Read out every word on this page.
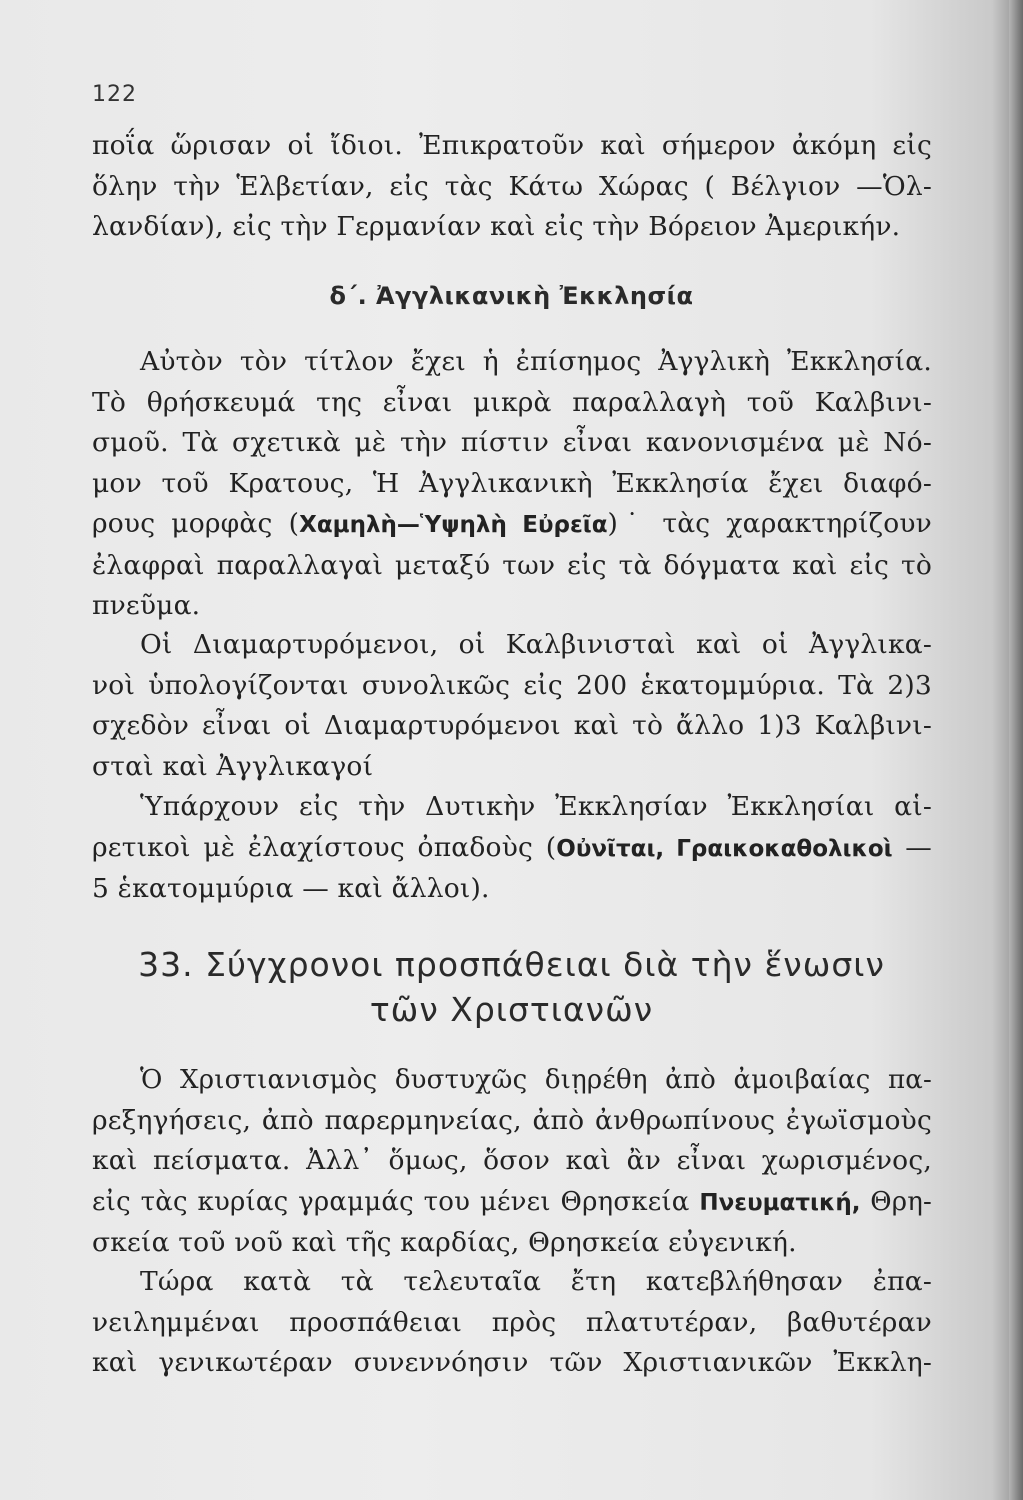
122
ποΐα ὥρισαν οἱ ἴδιοι. Ἐπικρατοῦν καὶ σήμερον ἀκόμη εἰς
ὅλην τὴν Ἑλβετίαν, εἰς τὰς Κάτω Χώρας ( Βέλγιον —Ὁλ-
λανδίαν), εἰς τὴν Γερμανίαν καὶ εἰς τὴν Βόρειον Ἀμερικήν.
δ΄. Ἀγγλικανικὴ Ἐκκλησία
Αὐτὸν τὸν τίτλον ἔχει ἡ ἐπίσημος Ἀγγλικὴ Ἐκκλησία.
Τὸ θρήσκευμά της εἶναι μικρὰ παραλλαγὴ τοῦ Καλβινι-
σμοῦ. Τὰ σχετικὰ μὲ τὴν πίστιν εἶναι κανονισμένα μὲ Νό-
μον τοῦ Κρατους, Ἡ Ἀγγλικανικὴ Ἐκκλησία ἔχει διαφό-
ρους μορφὰς (Χαμηλὴ—Ὑψηλὴ Εὐρεῖα)˙ τὰς χαρακτηρίζουν
ἐλαφραὶ παραλλαγαὶ μεταξύ των εἰς τὰ δόγματα καὶ εἰς τὸ
πνεῦμα.
Οἱ Διαμαρτυρόμενοι, οἱ Καλβινισταὶ καὶ οἱ Ἀγγλικα-
νοὶ ὑπολογίζονται συνολικῶς εἰς 200 ἑκατομμύρια. Τὰ 2)3
σχεδὸν εἶναι οἱ Διαμαρτυρόμενοι καὶ τὸ ἄλλο 1)3 Καλβινι-
σταὶ καὶ Ἀγγλικαγοί
Ὑπάρχουν εἰς τὴν Δυτικὴν Ἐκκλησίαν Ἐκκλησίαι αἱ-
ρετικοὶ μὲ ἐλαχίστους ὀπαδοὺς (Οὐνῖται, Γραικοκαθολικοὶ —
5 ἑκατομμύρια — καὶ ἄλλοι).
33. Σύγχρονοι προσπάθειαι διὰ τὴν ἕνωσιν
τῶν Χριστιανῶν
Ὁ Χριστιανισμὸς δυστυχῶς διῃρέθη ἀπὸ ἀμοιβαίας πα-
ρεξηγήσεις, ἀπὸ παρερμηνείας, ἀπὸ ἀνθρωπίνους ἐγωϊσμοὺς
καὶ πείσματα. Ἀλλ᾽ ὅμως, ὅσον καὶ ἂν εἶναι χωρισμένος,
εἰς τὰς κυρίας γραμμάς του μένει Θρησκεία Πνευματική, Θρη-
σκεία τοῦ νοῦ καὶ τῆς καρδίας, Θρησκεία εὐγενική.
Τώρα κατὰ τὰ τελευταῖα ἔτη κατεβλήθησαν ἐπα-
νειλημμέναι προσπάθειαι πρὸς πλατυτέραν, βαθυτέραν
καὶ γενικωτέραν συνεννόησιν τῶν Χριστιανικῶν Ἐκκλη-
